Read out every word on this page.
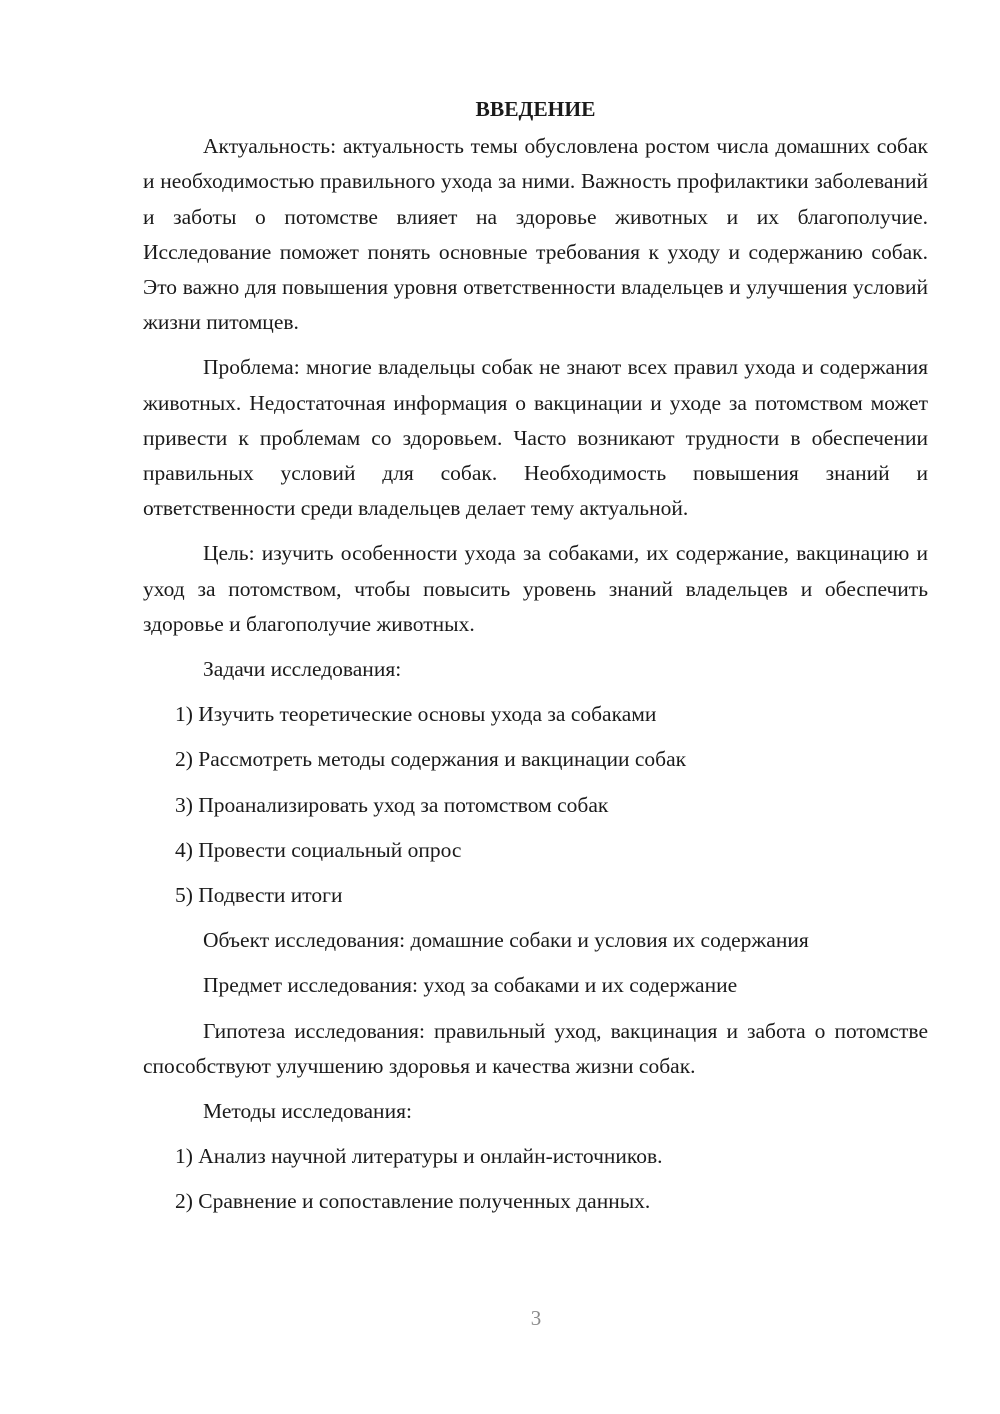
ВВЕДЕНИЕ

Актуальность: актуальность темы обусловлена ростом числа домашних собак и необходимостью правильного ухода за ними. Важность профилактики заболеваний и заботы о потомстве влияет на здоровье животных и их благополучие. Исследование поможет понять основные требования к уходу и содержанию собак. Это важно для повышения уровня ответственности владельцев и улучшения условий жизни питомцев.

Проблема: многие владельцы собак не знают всех правил ухода и содержания животных. Недостаточная информация о вакцинации и уходе за потомством может привести к проблемам со здоровьем. Часто возникают трудности в обеспечении правильных условий для собак. Необходимость повышения знаний и ответственности среди владельцев делает тему актуальной.

Цель: изучить особенности ухода за собаками, их содержание, вакцинацию и уход за потомством, чтобы повысить уровень знаний владельцев и обеспечить здоровье и благополучие животных.

Задачи исследования:
1) Изучить теоретические основы ухода за собаками
2) Рассмотреть методы содержания и вакцинации собак
3) Проанализировать уход за потомством собак
4) Провести социальный опрос
5) Подвести итоги
Объект исследования: домашние собаки и условия их содержания
Предмет исследования: уход за собаками и их содержание

Гипотеза исследования: правильный уход, вакцинация и забота о потомстве способствуют улучшению здоровья и качества жизни собак.

Методы исследования:
1) Анализ научной литературы и онлайн-источников.
2) Сравнение и сопоставление полученных данных.
3
